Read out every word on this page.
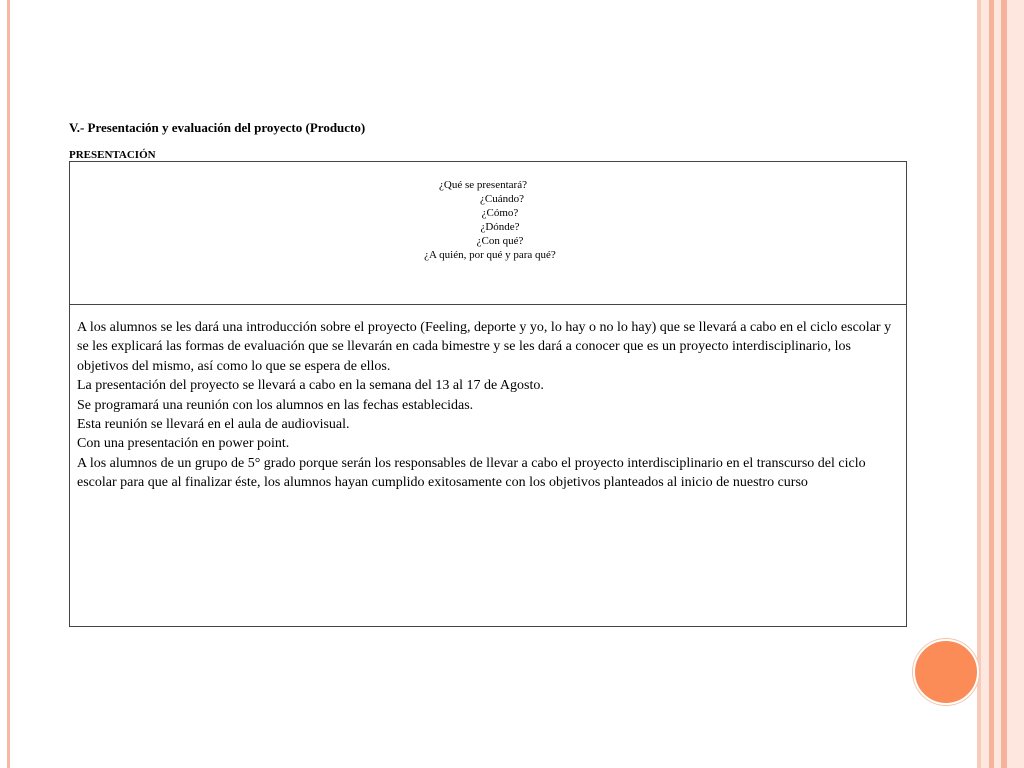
V.- Presentación y evaluación del proyecto (Producto)
PRESENTACIÓN
¿Qué se presentará?
¿Cuándo?
¿Cómo?
¿Dónde?
¿Con qué?
¿A quién, por qué y para qué?

A los alumnos se les dará una introducción sobre el proyecto (Feeling, deporte y yo, lo hay o no lo hay) que se llevará a cabo en el ciclo escolar y se les explicará las formas de evaluación que se llevarán en cada bimestre y se les dará a conocer que es un proyecto interdisciplinario, los objetivos del mismo, así como lo que se espera de ellos.

La presentación del proyecto se llevará a cabo en la semana del 13 al 17 de Agosto.

Se programará una reunión con los alumnos en las fechas establecidas.

Esta reunión se llevará en el aula de audiovisual.

Con una presentación en power point.

A los alumnos de un grupo de 5° grado porque serán los responsables de llevar a cabo el proyecto interdisciplinario en el transcurso del ciclo escolar para que al finalizar éste, los alumnos hayan cumplido exitosamente con los objetivos planteados al inicio de nuestro curso
